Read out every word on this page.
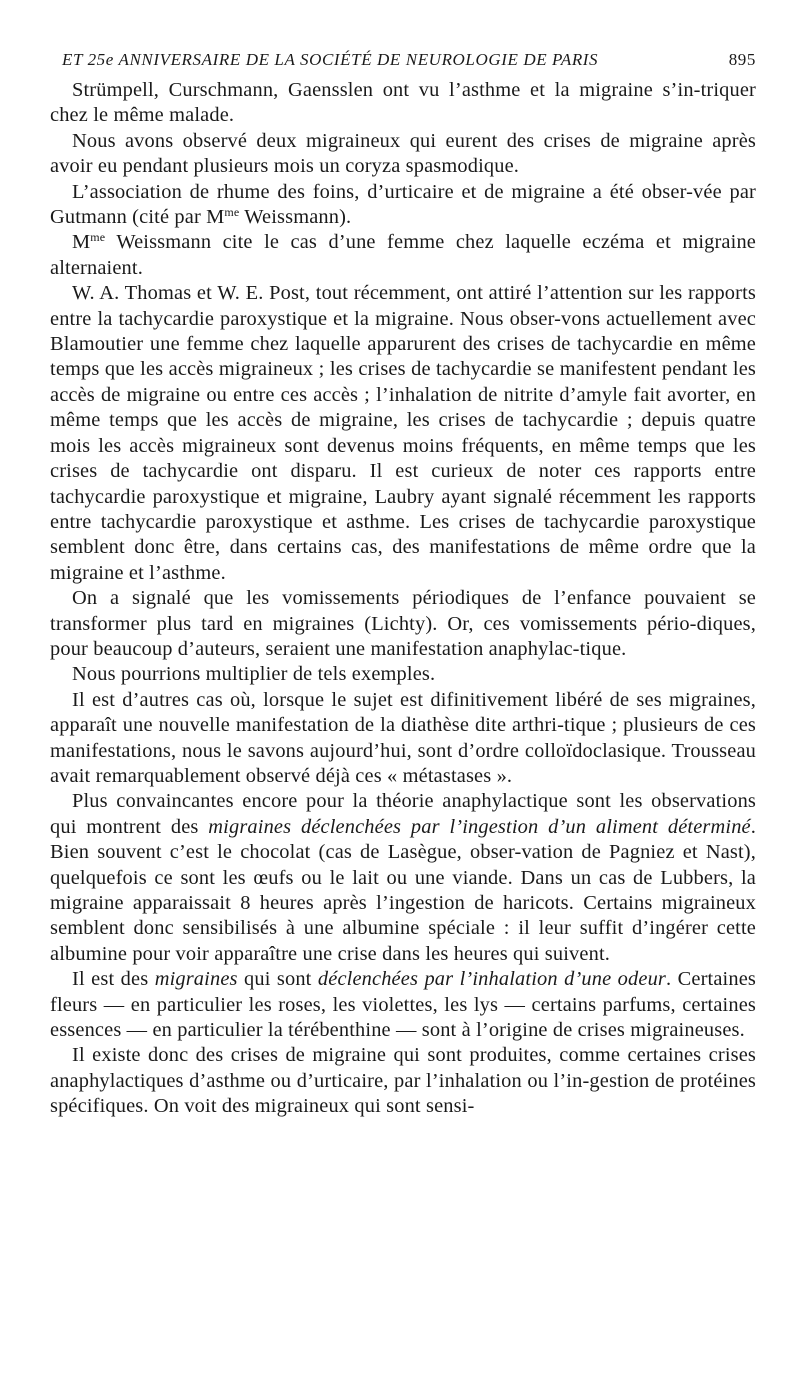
ET 25e ANNIVERSAIRE DE LA SOCIÉTÉ DE NEUROLOGIE DE PARIS	895

Strümpell, Curschmann, Gaensslen ont vu l’asthme et la migraine s’in-triquer chez le même malade.

Nous avons observé deux migraineux qui eurent des crises de migraine après avoir eu pendant plusieurs mois un coryza spasmodique.

L’association de rhume des foins, d’urticaire et de migraine a été obser-vée par Gutmann (cité par $M^{me}$ Weissmann).

$M^{me}$ Weissmann cite le cas d’une femme chez laquelle eczéma et migraine alternaient.

W. A. Thomas et W. E. Post, tout récemment, ont attiré l’attention sur les rapports entre la tachycardie paroxystique et la migraine. Nous obser-vons actuellement avec Blamoutier une femme chez laquelle apparurent des crises de tachycardie en même temps que les accès migraineux ; les crises de tachycardie se manifestent pendant les accès de migraine ou entre ces accès ; l’inhalation de nitrite d’amyle fait avorter, en même temps que les accès de migraine, les crises de tachycardie ; depuis quatre mois les accès migraineux sont devenus moins fréquents, en même temps que les crises de tachycardie ont disparu. Il est curieux de noter ces rapports entre tachycardie paroxystique et migraine, Laubry ayant signalé récemment les rapports entre tachycardie paroxystique et asthme. Les crises de tachycardie paroxystique semblent donc être, dans certains cas, des manifestations de même ordre que la migraine et l’asthme.

On a signalé que les vomissements périodiques de l’enfance pouvaient se transformer plus tard en migraines (Lichty). Or, ces vomissements pério-diques, pour beaucoup d’auteurs, seraient une manifestation anaphylac-tique.

Nous pourrions multiplier de tels exemples.

Il est d’autres cas où, lorsque le sujet est difinitivement libéré de ses migraines, apparaît une nouvelle manifestation de la diathèse dite arthri-tique ; plusieurs de ces manifestations, nous le savons aujourd’hui, sont d’ordre colloïdoclasique. Trousseau avait remarquablement observé déjà ces « métastases ».

Plus convaincantes encore pour la théorie anaphylactique sont les observations qui montrent des migraines déclenchées par l’ingestion d’un aliment déterminé. Bien souvent c’est le chocolat (cas de Lasègue, obser-vation de Pagniez et Nast), quelquefois ce sont les œufs ou le lait ou une viande. Dans un cas de Lubbers, la migraine apparaissait 8 heures après l’ingestion de haricots. Certains migraineux semblent donc sensibilisés à une albumine spéciale : il leur suffit d’ingérer cette albumine pour voir apparaître une crise dans les heures qui suivent.

Il est des migraines qui sont déclenchées par l’inhalation d’une odeur. Certaines fleurs — en particulier les roses, les violettes, les lys — certains parfums, certaines essences — en particulier la térébenthine — sont à l’origine de crises migraineuses.

Il existe donc des crises de migraine qui sont produites, comme certaines crises anaphylactiques d’asthme ou d’urticaire, par l’inhalation ou l’in-gestion de protéines spécifiques. On voit des migraineux qui sont sensi-
